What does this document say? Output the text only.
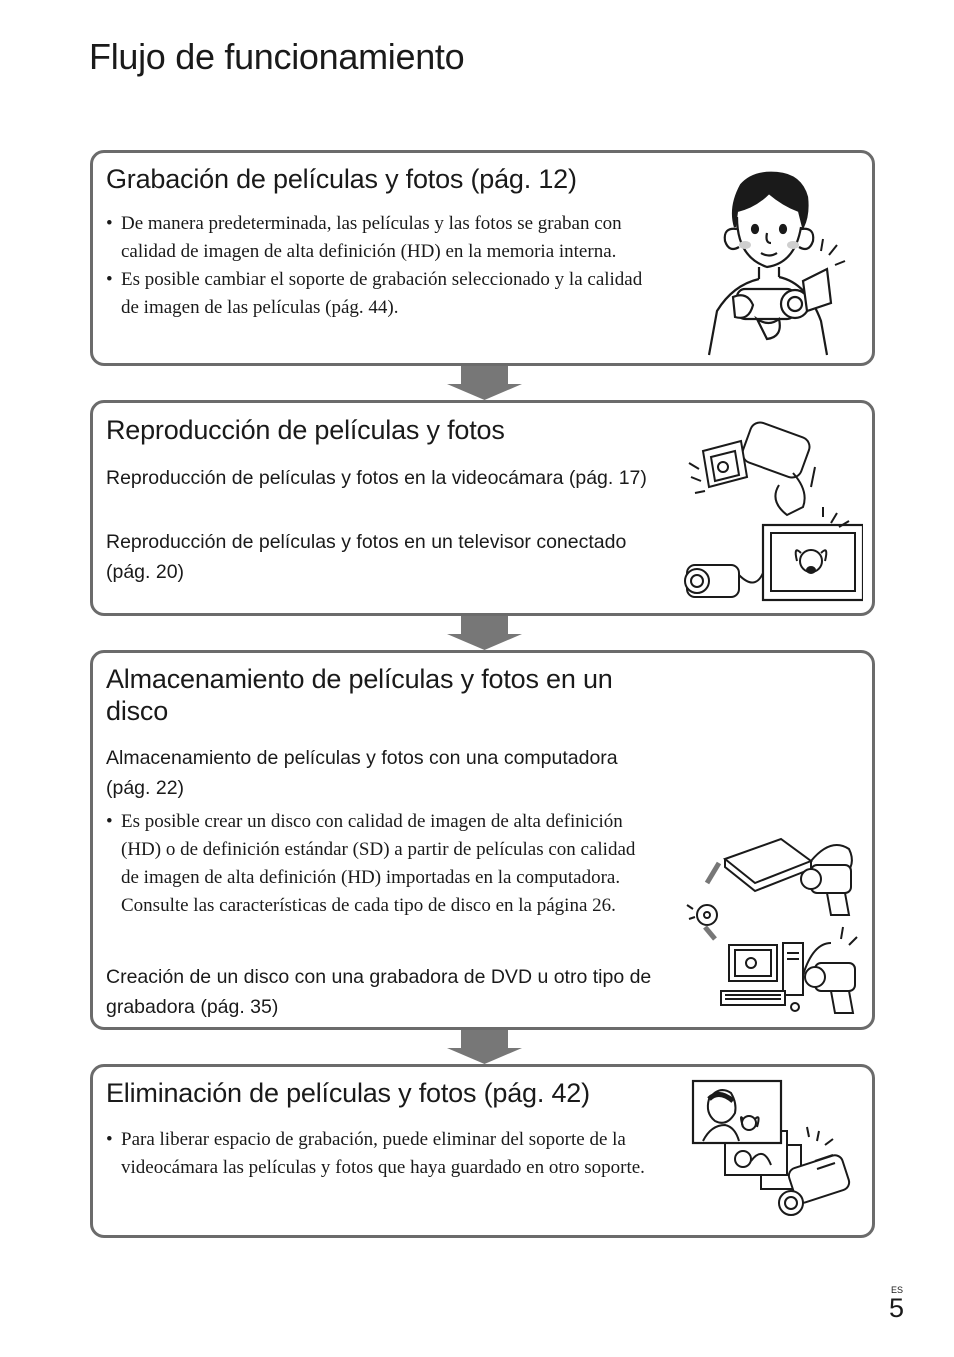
Flujo de funcionamiento
Grabación de películas y fotos (pág. 12)
• De manera predeterminada, las películas y las fotos se graban con calidad de imagen de alta definición (HD) en la memoria interna.
• Es posible cambiar el soporte de grabación seleccionado y la calidad de imagen de las películas (pág. 44).
Reproducción de películas y fotos

Reproducción de películas y fotos en la videocámara (pág. 17)

Reproducción de películas y fotos en un televisor conectado (pág. 20)

Almacenamiento de películas y fotos en un disco

Almacenamiento de películas y fotos con una computadora (pág. 22)

• Es posible crear un disco con calidad de imagen de alta definición (HD) o de definición estándar (SD) a partir de películas con calidad de imagen de alta definición (HD) importadas en la computadora. Consulte las características de cada tipo de disco en la página 26.

Creación de un disco con una grabadora de DVD u otro tipo de grabadora (pág. 35)

Eliminación de películas y fotos (pág. 42)
• Para liberar espacio de grabación, puede eliminar del soporte de la videocámara las películas y fotos que haya guardado en otro soporte.
ES
5
